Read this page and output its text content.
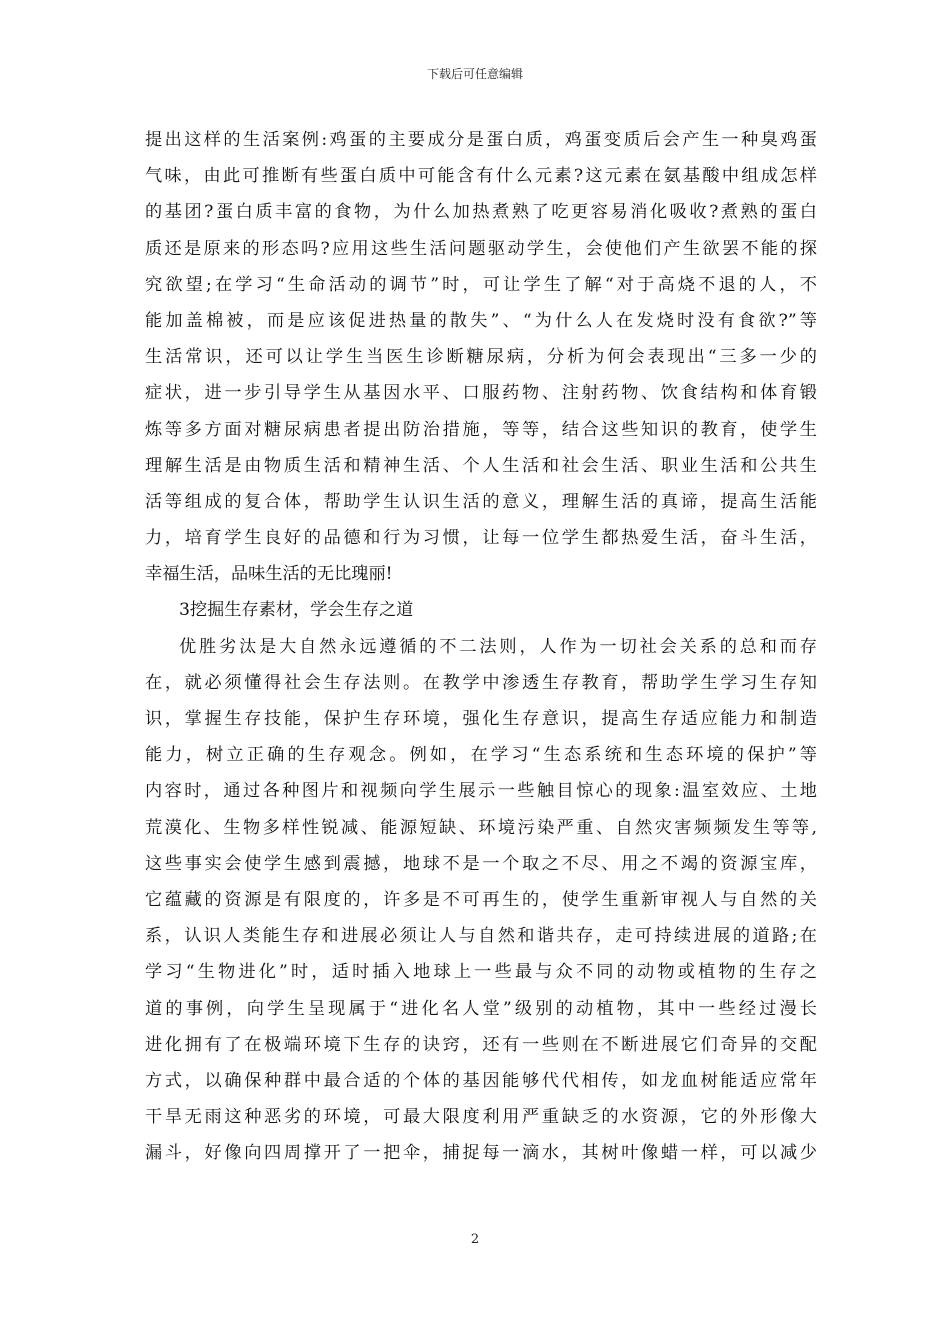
下载后可任意编辑
提出这样的生活案例:鸡蛋的主要成分是蛋白质，鸡蛋变质后会产生一种臭鸡蛋
气味，由此可推断有些蛋白质中可能含有什么元素?这元素在氨基酸中组成怎样
的基团?蛋白质丰富的食物，为什么加热煮熟了吃更容易消化吸收?煮熟的蛋白
质还是原来的形态吗?应用这些生活问题驱动学生，会使他们产生欲罢不能的探
究欲望;在学习“生命活动的调节”时，可让学生了解“对于高烧不退的人，不
能加盖棉被，而是应该促进热量的散失”、“为什么人在发烧时没有食欲?”等
生活常识，还可以让学生当医生诊断糖尿病，分析为何会表现出“三多一少的
症状，进一步引导学生从基因水平、口服药物、注射药物、饮食结构和体育锻
炼等多方面对糖尿病患者提出防治措施，等等，结合这些知识的教育，使学生
理解生活是由物质生活和精神生活、个人生活和社会生活、职业生活和公共生
活等组成的复合体，帮助学生认识生活的意义，理解生活的真谛，提高生活能
力，培育学生良好的品德和行为习惯，让每一位学生都热爱生活，奋斗生活，
幸福生活，品味生活的无比瑰丽!
3挖掘生存素材，学会生存之道
优胜劣汰是大自然永远遵循的不二法则，人作为一切社会关系的总和而存
在，就必须懂得社会生存法则。在教学中渗透生存教育，帮助学生学习生存知
识，掌握生存技能，保护生存环境，强化生存意识，提高生存适应能力和制造
能力，树立正确的生存观念。例如，在学习“生态系统和生态环境的保护”等
内容时，通过各种图片和视频向学生展示一些触目惊心的现象:温室效应、土地
荒漠化、生物多样性锐减、能源短缺、环境污染严重、自然灾害频频发生等等,
这些事实会使学生感到震撼，地球不是一个取之不尽、用之不竭的资源宝库，
它蕴藏的资源是有限度的，许多是不可再生的，使学生重新审视人与自然的关
系，认识人类能生存和进展必须让人与自然和谐共存，走可持续进展的道路;在
学习“生物进化”时，适时插入地球上一些最与众不同的动物或植物的生存之
道的事例，向学生呈现属于“进化名人堂”级别的动植物，其中一些经过漫长
进化拥有了在极端环境下生存的诀窍，还有一些则在不断进展它们奇异的交配
方式，以确保种群中最合适的个体的基因能够代代相传，如龙血树能适应常年
干旱无雨这种恶劣的环境，可最大限度利用严重缺乏的水资源，它的外形像大
漏斗，好像向四周撑开了一把伞，捕捉每一滴水，其树叶像蜡一样，可以减少
2
